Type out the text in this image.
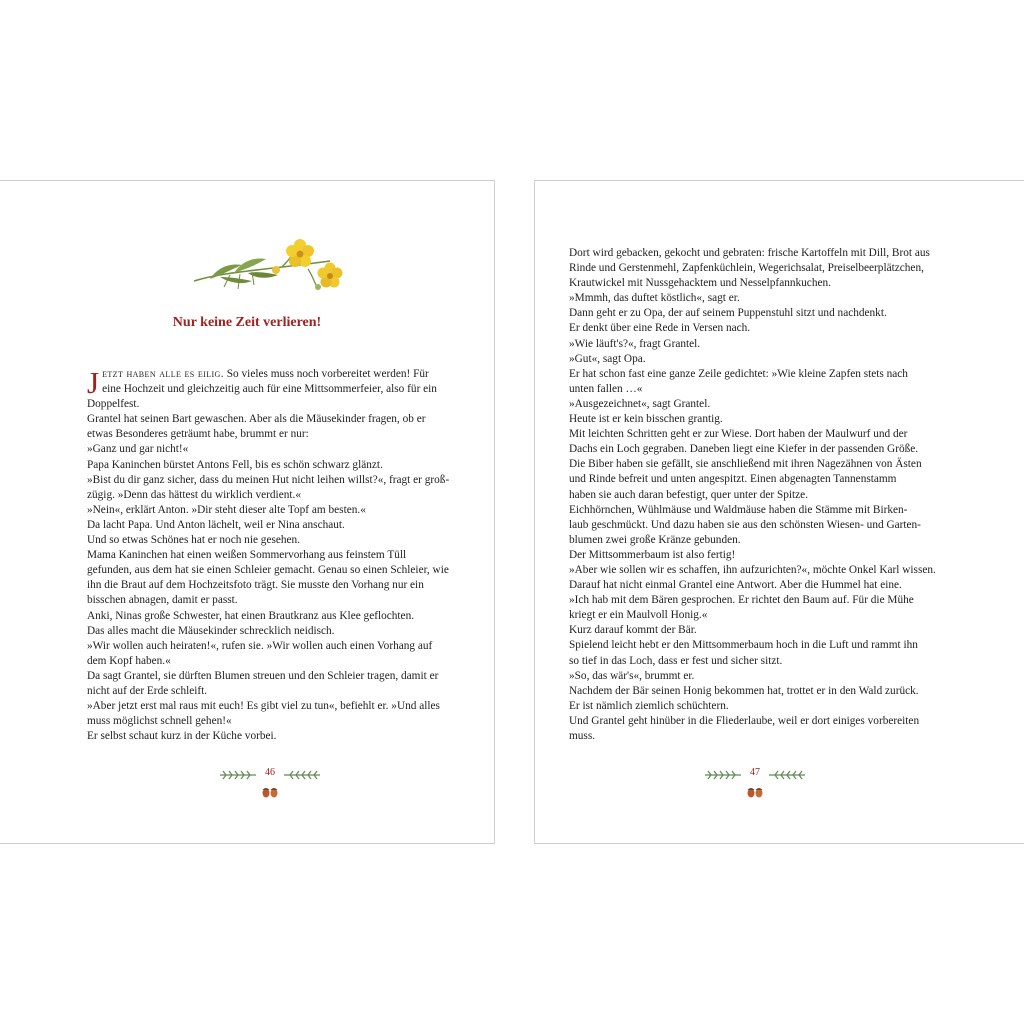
Nur keine Zeit verlieren!

Jetzt haben alle es eilig. So vieles muss noch vorbereitet werden! Für

eine Hochzeit und gleichzeitig auch für eine Mittsommerfeier, also für ein

Doppelfest.

Grantel hat seinen Bart gewaschen. Aber als die Mäusekinder fragen, ob er

etwas Besonderes geträumt habe, brummt er nur:

»Ganz und gar nicht!«

Papa Kaninchen bürstet Antons Fell, bis es schön schwarz glänzt.

»Bist du dir ganz sicher, dass du meinen Hut nicht leihen willst?«, fragt er groß-

zügig. »Denn das hättest du wirklich verdient.«

»Nein«, erklärt Anton. »Dir steht dieser alte Topf am besten.«

Da lacht Papa. Und Anton lächelt, weil er Nina anschaut.

Und so etwas Schönes hat er noch nie gesehen.

Mama Kaninchen hat einen weißen Sommervorhang aus feinstem Tüll

gefunden, aus dem hat sie einen Schleier gemacht. Genau so einen Schleier, wie

ihn die Braut auf dem Hochzeitsfoto trägt. Sie musste den Vorhang nur ein

bisschen abnagen, damit er passt.

Anki, Ninas große Schwester, hat einen Brautkranz aus Klee geflochten.

Das alles macht die Mäusekinder schrecklich neidisch.

»Wir wollen auch heiraten!«, rufen sie. »Wir wollen auch einen Vorhang auf

dem Kopf haben.«

Da sagt Grantel, sie dürften Blumen streuen und den Schleier tragen, damit er

nicht auf der Erde schleift.

»Aber jetzt erst mal raus mit euch! Es gibt viel zu tun«, befiehlt er. »Und alles

muss möglichst schnell gehen!«

Er selbst schaut kurz in der Küche vorbei.

46

Dort wird gebacken, gekocht und gebraten: frische Kartoffeln mit Dill, Brot aus

Rinde und Gerstenmehl, Zapfenküchlein, Wegerichsalat, Preiselbeerplätzchen,

Krautwickel mit Nussgehacktem und Nesselpfannkuchen.

»Mmmh, das duftet köstlich«, sagt er.

Dann geht er zu Opa, der auf seinem Puppenstuhl sitzt und nachdenkt.

Er denkt über eine Rede in Versen nach.

»Wie läuft's?«, fragt Grantel.

»Gut«, sagt Opa.

Er hat schon fast eine ganze Zeile gedichtet: »Wie kleine Zapfen stets nach

unten fallen …«

»Ausgezeichnet«, sagt Grantel.

Heute ist er kein bisschen grantig.

Mit leichten Schritten geht er zur Wiese. Dort haben der Maulwurf und der

Dachs ein Loch gegraben. Daneben liegt eine Kiefer in der passenden Größe.

Die Biber haben sie gefällt, sie anschließend mit ihren Nagezähnen von Ästen

und Rinde befreit und unten angespitzt. Einen abgenagten Tannenstamm

haben sie auch daran befestigt, quer unter der Spitze.

Eichhörnchen, Wühlmäuse und Waldmäuse haben die Stämme mit Birken-

laub geschmückt. Und dazu haben sie aus den schönsten Wiesen- und Garten-

blumen zwei große Kränze gebunden.

Der Mittsommerbaum ist also fertig!

»Aber wie sollen wir es schaffen, ihn aufzurichten?«, möchte Onkel Karl wissen.

Darauf hat nicht einmal Grantel eine Antwort. Aber die Hummel hat eine.

»Ich hab mit dem Bären gesprochen. Er richtet den Baum auf. Für die Mühe

kriegt er ein Maulvoll Honig.«

Kurz darauf kommt der Bär.

Spielend leicht hebt er den Mittsommerbaum hoch in die Luft und rammt ihn

so tief in das Loch, dass er fest und sicher sitzt.

»So, das wär's«, brummt er.

Nachdem der Bär seinen Honig bekommen hat, trottet er in den Wald zurück.

Er ist nämlich ziemlich schüchtern.

Und Grantel geht hinüber in die Fliederlaube, weil er dort einiges vorbereiten

muss.

47
